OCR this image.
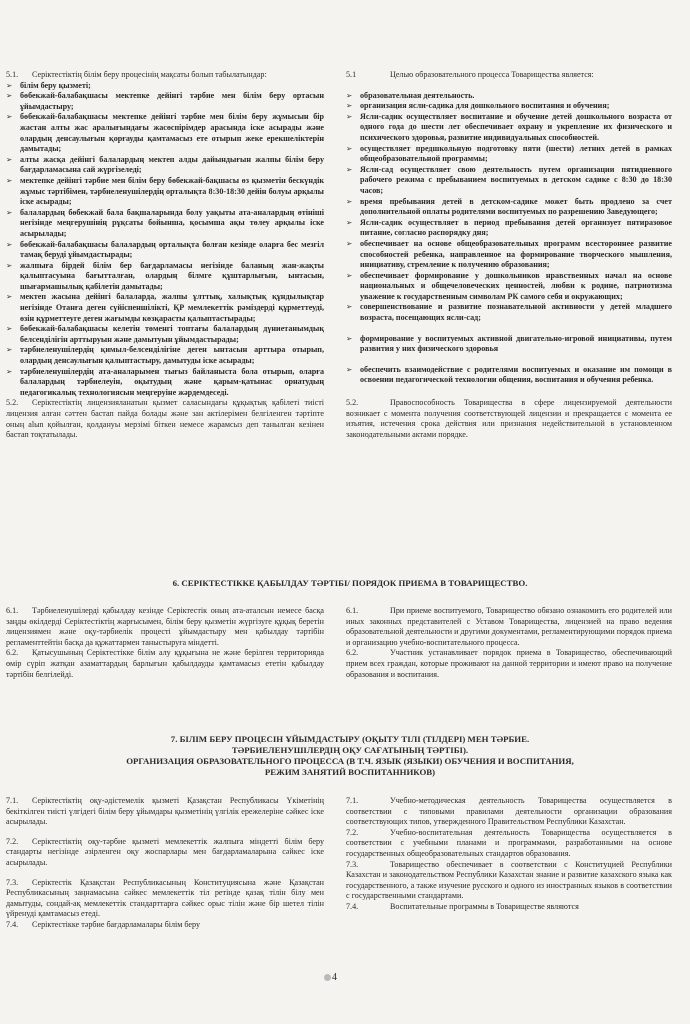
5.1. Серіктестіктің білім беру процесінің мақсаты болып табылатындар:

➢ білім беру қызметі;
➢ бөбекжай-балабақшасы мектепке дейінгі тәрбие мен білім беру ортасын ұйымдастыру;
➢ бөбекжай-балабақшасы мектепке дейінгі тәрбие мен білім беру жұмысын бір жастан алты жас аралығындағы жасөспірімдер арасында іске асырады және олардың денсаулығын қорғауды қамтамасыз ете отырып жеке ерекшеліктерін дамытады;
➢ алты жасқа дейінгі балалардың мектеп алды дайындығын жалпы білім беру бағдарламасына сай жүргізеледі;
➢ мектепке дейінгі тәрбие мен білім беру бөбекжай-бақшасы өз қызметін бескүндік жұмыс тәртібімен, тәрбиеленушілердің орталықта 8:30-18:30 дейін болуы арқылы іске асырады;
➢ балалардың бөбекжай бала бақшаларында болу уақыты ата-аналардың өтініші негізінде меңгерушінің рұқсаты бойынша, қосымша ақы төлеу арқылы іске асырылады;
➢ бөбекжай-балабақшасы балалардың орталықта болған кезінде оларға бес мезгіл тамақ беруді ұйымдастырады;
➢ жалпыға бірдей білім бер бағдарламасы негізінде баланың жан-жақты қалыптасуына бағытталған, олардың білмге құштарлығын, ынтасын, шығармашылық қабілетін дамытады;
➢ мектеп жасына дейінгі балаларда, жалпы ұлттық, халықтық құндылықтар негізінде Отанға деген сүйіспеншілікті, ҚР мемлекеттік рәміздерді құрметтеуді, өзін құрметтеуге деген жағымды көзқарасты қалыптастырады;
➢ бөбекжай-балабақшасы келетін төменгі топтағы балалардың дүниетанымдық белсенділігін арттыруын және дамытуын ұйымдастырады;
➢ тәрбиеленушілердің қимыл-белсенділігіне деген ынтасын арттыра отырып, олардың денсаулығын қалыптастыру, дамытуды іске асырады;
➢ тәрбиеленушілердің ата-аналарымен тығыз байланыста бола отырып, оларға балалардың тәрбиелеуін, оқытудың және қарым-қатынас орнатудың педагогикалық технологиясын меңгеруіне жәрдемдеседі.

5.2. Серіктестіктің лицензияланатын қызмет саласындағы құқықтық қабілеті тиісті лицензия алған сәттен бастап пайда болады және зан актілерімен белгіленген тәртіпте оның alыn қойылған, қолдануы мерзімі біткен немесе жарамсыз деп танылған кезінен бастап тоқтатылады.

5.1	Целью образовательного процесса Товарищества является:

➢ образовательная деятельность.
➢ организация ясли-садика для дошкольного воспитания и обучения;
➢ Ясли-садик осуществляет воспитание и обучение детей дошкольного возраста от одного года до шести лет обеспечивает охрану и укрепление их физического и психического здоровья, развитие индивидуальных способностей.
➢ осуществляет предшкольную подготовку пяти (шести) летних детей в рамках общеобразовательной программы;
➢ Ясли-сад осуществляет свою деятельность путем организации пятидневного рабочего режима с пребыванием воспитуемых в детском садике с 8:30 до 18:30 часов;
➢ время пребывания детей в детском-садике может быть продлено за счет дополнительной оплаты родителями воспитуемых по разрешению Заведующего;
➢ Ясли-садик осуществляет в период пребывания детей организует пятиразовое питание, согласно распорядку дня;
➢ обеспечивает на основе общеобразовательных программ всестороннее развитие способностей ребенка, направленное на формирование творческого мышления, инициативу, стремление к получению образования;
➢ обеспечивает формирование у дошкольников нравственных начал на основе национальных и общечеловеческих ценностей, любви к родине, патриотизма уважение к государственным символам РК самого себя и окружающих;
➢ совершенствование и развитие познавательной активности у детей младшего возраста, посещающих ясли-сад;
➢ формирование у воспитуемых активной двигательно-игровой инициативы, путем развития у них физического здоровья
➢ обеспечить взаимодействие с родителями воспитуемых и оказание им помощи в освоении педагогической технологии общения, воспитания и обучения ребенка.

5.2.	Правоспособность Товарищества в сфере лицензируемой деятельности возникает с момента получения соответствующей лицензии и прекращается с момента ее изъятия, истечения срока действия или признания недействительной в установленном законодательными актами порядке.

6. СЕРІКТЕСТІККЕ ҚАБЫЛДАУ ТӘРТІБІ/ ПОРЯДОК ПРИЕМА В ТОВАРИЩЕСТВО.

6.1. Тәрбиеленушілерді қабылдау кезінде Серіктестік оның ата-аталсын немесе басқа заңды өкілдерді Серіктестіктің жарғысымен, білім беру қызметін жүргізуге құқық беретін лицензиямен және оқу-тәрбиелік процесті ұйымдастыру мен қабылдау тәртібін регламенттейтін басқа да құжаттармен таныстыруға міндетті.

6.2. Қатысушының Серіктестікке білім алу құқығына не және берілген территорияда өмір сүріп жатқан азаматтардың барлығын қабылдауды қамтамасыз ететін қабылдау тәртібін белгілейді.

6.1.	При приеме воспитуемого, Товарищество обязано ознакомить его родителей или иных законных представителей с Уставом Товарищества, лицензией на право ведения образовательной деятельности и другими документами, регламентирующими порядок приема и организацию учебно-воспитательного процесса.

6.2.	Участник устанавливает порядок приема в Товарищество, обеспечивающий прием всех граждан, которые проживают на данной территории и имеют право на получение образования и воспитания.

7. БІЛІМ БЕРУ ПРОЦЕСІН ҰЙЫМДАСТЫРУ (ОҚЫТУ ТІЛІ (ТІЛДЕРІ) МЕН ТӘРБИЕ.
ТӘРБИЕЛЕНУШІЛЕРДІҢ ОҚУ САҒАТЫНЫҢ ТӘРТІБІ).
ОРГАНИЗАЦИЯ ОБРАЗОВАТЕЛЬНОГО ПРОЦЕССА (В Т.Ч. ЯЗЫК (ЯЗЫКИ) ОБУЧЕНИЯ И ВОСПИТАНИЯ,
РЕЖИМ ЗАНЯТИЙ ВОСПИТАННИКОВ)

7.1. Серіктестіктің оқу-әдістемелік қызметі Қазақстан Республикасы Үкіметінің бекіткілген тиісті үлгідегі білім беру ұйымдары қызметінің үлгілік ережелеріне сәйкес іске асырылады.

7.2. Серіктестіктің оқу-тәрбие қызметі мемлекеттік жалпыға міндетті білім беру стандарты негізінде әзірленген оқу жоспарлары мен бағдарламаларына сәйкес іске асырылады.

7.3. Серіктестік Қазақстан Республикасының Конституциясына және Қазақстан Республикасының заңнамасына сәйкес мемлекеттік тіл ретінде қазақ тілін білу мен дамытуды, сондай-ақ мемлекеттік стандарттарға сәйкес орыс тілін және бір шетел тілін үйренуді қамтамасыз етеді.

7.4. Серіктестікке тәрбие бағдарламалары білім беру

7.1.	Учебно-методическая деятельность Товарищества осуществляется в соответствии с типовыми правилами деятельности организации образования соответствующих типов, утвержденного Правительством Республики Казахстан.

7.2.	Учебно-воспитательная деятельность Товарищества осуществляется в соответствии с учебными планами и программами, разработанными на основе государственных общеобразовательных стандартов образования.

7.3.	Товарищество обеспечивает в соответствии с Конституцией Республики Казахстан и законодательством Республики Казахстан знание и развитие казахского языка как государственного, а также изучение русского и одного из иностранных языков в соответствии с государственными стандартами.

7.4.	Воспитательные программы в Товариществе являются

4
